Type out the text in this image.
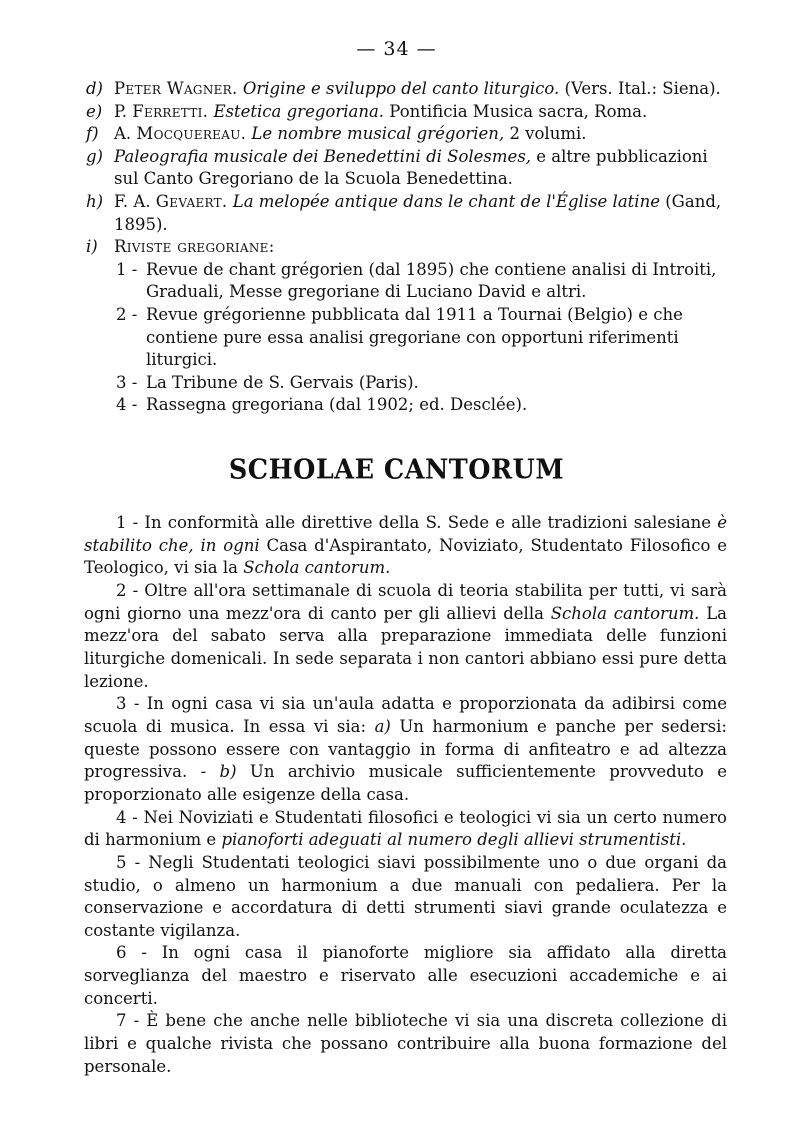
— 34 —
d) Peter Wagner. Origine e sviluppo del canto liturgico. (Vers. Ital.: Siena).
e) P. Ferretti. Estetica gregoriana. Pontificia Musica sacra, Roma.
f) A. Mocquereau. Le nombre musical grégorien, 2 volumi.
g) Paleografia musicale dei Benedettini di Solesmes, e altre pubblicazioni sul Canto Gregoriano de la Scuola Benedettina.
h) F. A. Gevaert. La melopée antique dans le chant de l'Église latine (Gand, 1895).
i) Riviste gregoriane:
1 - Revue de chant grégorien (dal 1895) che contiene analisi di Introiti, Graduali, Messe gregoriane di Luciano David e altri.
2 - Revue grégorienne pubblicata dal 1911 a Tournai (Belgio) e che contiene pure essa analisi gregoriane con opportuni riferimenti liturgici.
3 - La Tribune de S. Gervais (Paris).
4 - Rassegna gregoriana (dal 1902; ed. Desclée).
SCHOLAE CANTORUM

1 - In conformità alle direttive della S. Sede e alle tradizioni salesiane è stabilito che, in ogni Casa d'Aspirantato, Noviziato, Studentato Filosofico e Teologico, vi sia la Schola cantorum.

2 - Oltre all'ora settimanale di scuola di teoria stabilita per tutti, vi sarà ogni giorno una mezz'ora di canto per gli allievi della Schola cantorum. La mezz'ora del sabato serva alla preparazione immediata delle funzioni liturgiche domenicali. In sede separata i non cantori abbiano essi pure detta lezione.

3 - In ogni casa vi sia un'aula adatta e proporzionata da adibirsi come scuola di musica. In essa vi sia: a) Un harmonium e panche per sedersi: queste possono essere con vantaggio in forma di anfiteatro e ad altezza progressiva. - b) Un archivio musicale sufficientemente provveduto e proporzionato alle esigenze della casa.

4 - Nei Noviziati e Studentati filosofici e teologici vi sia un certo numero di harmonium e pianoforti adeguati al numero degli allievi strumentisti.

5 - Negli Studentati teologici siavi possibilmente uno o due organi da studio, o almeno un harmonium a due manuali con pedaliera. Per la conservazione e accordatura di detti strumenti siavi grande oculatezza e costante vigilanza.

6 - In ogni casa il pianoforte migliore sia affidato alla diretta sorveglianza del maestro e riservato alle esecuzioni accademiche e ai concerti.

7 - È bene che anche nelle biblioteche vi sia una discreta collezione di libri e qualche rivista che possano contribuire alla buona formazione del personale.
